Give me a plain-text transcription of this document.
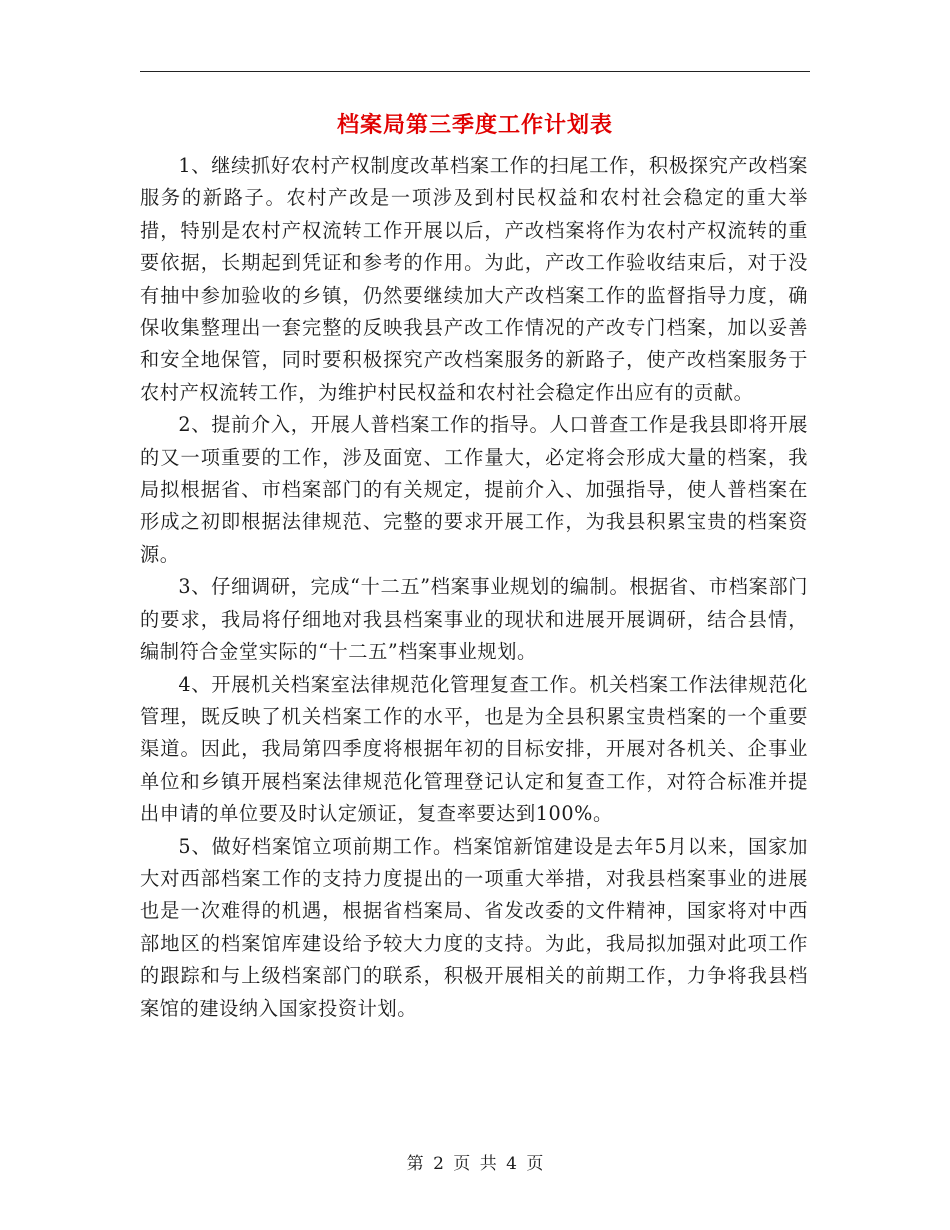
档案局第三季度工作计划表

1、继续抓好农村产权制度改革档案工作的扫尾工作，积极探究产改档案服务的新路子。农村产改是一项涉及到村民权益和农村社会稳定的重大举措，特别是农村产权流转工作开展以后，产改档案将作为农村产权流转的重要依据，长期起到凭证和参考的作用。为此，产改工作验收结束后，对于没有抽中参加验收的乡镇，仍然要继续加大产改档案工作的监督指导力度，确保收集整理出一套完整的反映我县产改工作情况的产改专门档案，加以妥善和安全地保管，同时要积极探究产改档案服务的新路子，使产改档案服务于农村产权流转工作，为维护村民权益和农村社会稳定作出应有的贡献。

2、提前介入，开展人普档案工作的指导。人口普查工作是我县即将开展的又一项重要的工作，涉及面宽、工作量大，必定将会形成大量的档案，我局拟根据省、市档案部门的有关规定，提前介入、加强指导，使人普档案在形成之初即根据法律规范、完整的要求开展工作，为我县积累宝贵的档案资源。

3、仔细调研，完成“十二五”档案事业规划的编制。根据省、市档案部门的要求，我局将仔细地对我县档案事业的现状和进展开展调研，结合县情，编制符合金堂实际的“十二五”档案事业规划。

4、开展机关档案室法律规范化管理复查工作。机关档案工作法律规范化管理，既反映了机关档案工作的水平，也是为全县积累宝贵档案的一个重要渠道。因此，我局第四季度将根据年初的目标安排，开展对各机关、企事业单位和乡镇开展档案法律规范化管理登记认定和复查工作，对符合标准并提出申请的单位要及时认定颁证，复查率要达到100%。

5、做好档案馆立项前期工作。档案馆新馆建设是去年5月以来，国家加大对西部档案工作的支持力度提出的一项重大举措，对我县档案事业的进展也是一次难得的机遇，根据省档案局、省发改委的文件精神，国家将对中西部地区的档案馆库建设给予较大力度的支持。为此，我局拟加强对此项工作的跟踪和与上级档案部门的联系，积极开展相关的前期工作，力争将我县档案馆的建设纳入国家投资计划。

第 2 页 共 4 页
